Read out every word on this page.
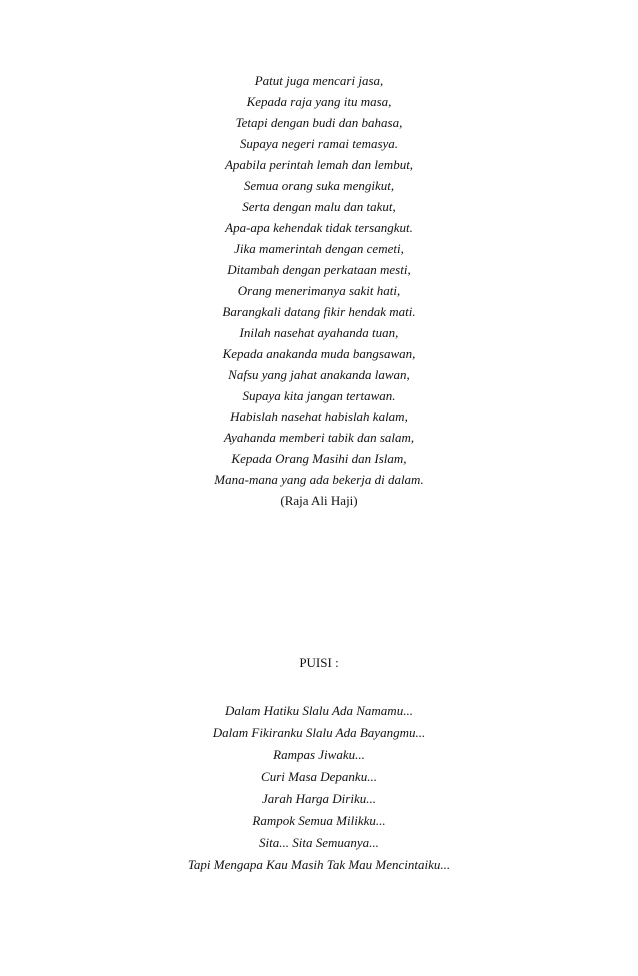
Patut juga mencari jasa,
Kepada raja yang itu masa,
Tetapi dengan budi dan bahasa,
Supaya negeri ramai temasya.
Apabila perintah lemah dan lembut,
Semua orang suka mengikut,
Serta dengan malu dan takut,
Apa-apa kehendak tidak tersangkut.
Jika mamerintah dengan cemeti,
Ditambah dengan perkataan mesti,
Orang menerimanya sakit hati,
Barangkali datang fikir hendak mati.
Inilah nasehat ayahanda tuan,
Kepada anakanda muda bangsawan,
Nafsu yang jahat anakanda lawan,
Supaya kita jangan tertawan.
Habislah nasehat habislah kalam,
Ayahanda memberi tabik dan salam,
Kepada Orang Masihi dan Islam,
Mana-mana yang ada bekerja di dalam.
(Raja Ali Haji)
PUISI :
Dalam Hatiku Slalu Ada Namamu...
Dalam Fikiranku Slalu Ada Bayangmu...
Rampas Jiwaku...
Curi Masa Depanku...
Jarah Harga Diriku...
Rampok Semua Milikku...
Sita... Sita Semuanya...
Tapi Mengapa Kau Masih Tak Mau Mencintaiku...
